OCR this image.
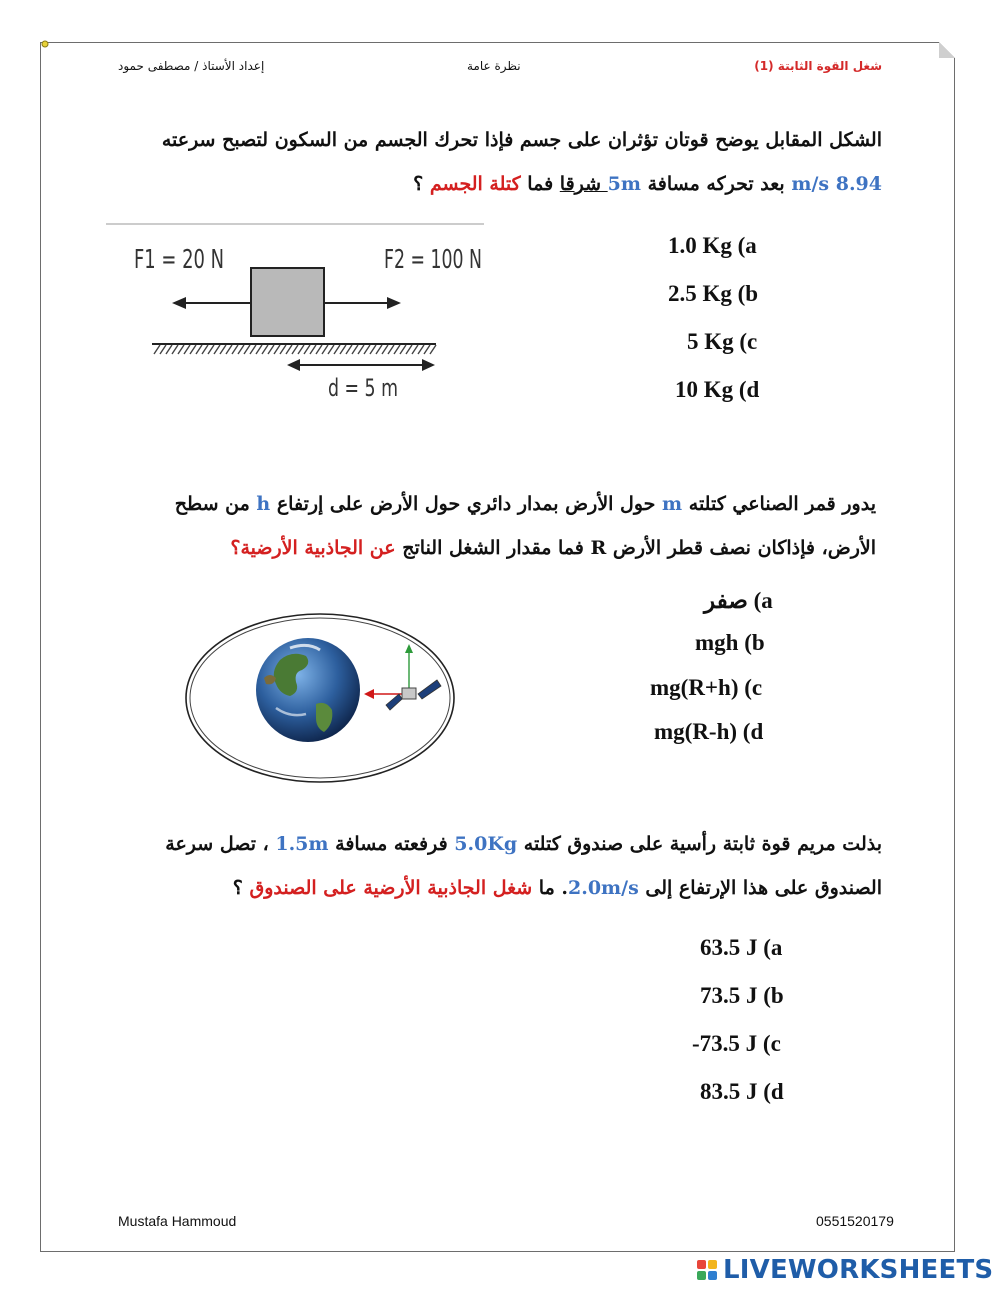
شغل القوة الثابتة (1)
نظرة عامة
إعداد الأستاذ / مصطفى حمود
الشكل المقابل يوضح قوتان تؤثران على جسم فإذا تحرك الجسم من السكون لتصبح سرعته
8.94 m/s بعد تحركه مسافة 5m شرقا فما كتلة الجسم ؟
F1 = 20 N	F2 = 100 N
d = 5 m
1.0 Kg (a
2.5 Kg (b
5 Kg (c
10 Kg (d
يدور قمر الصناعي كتلته m حول الأرض بمدار دائري حول الأرض على إرتفاع h من سطح
الأرض، فإذاكان نصف قطر الأرض R فما مقدار الشغل الناتج عن الجاذبية الأرضية؟
صفر (a
mgh (b
mg(R+h) (c
mg(R-h) (d
بذلت مريم قوة ثابتة رأسية على صندوق كتلته 5.0Kg فرفعته مسافة 1.5m ، تصل سرعة
الصندوق على هذا الإرتفاع إلى 2.0m/s. ما شغل الجاذبية الأرضية على الصندوق ؟
63.5 J (a
73.5 J (b
-73.5 J (c
83.5 J (d
Mustafa Hammoud	0551520179
LIVEWORKSHEETS
